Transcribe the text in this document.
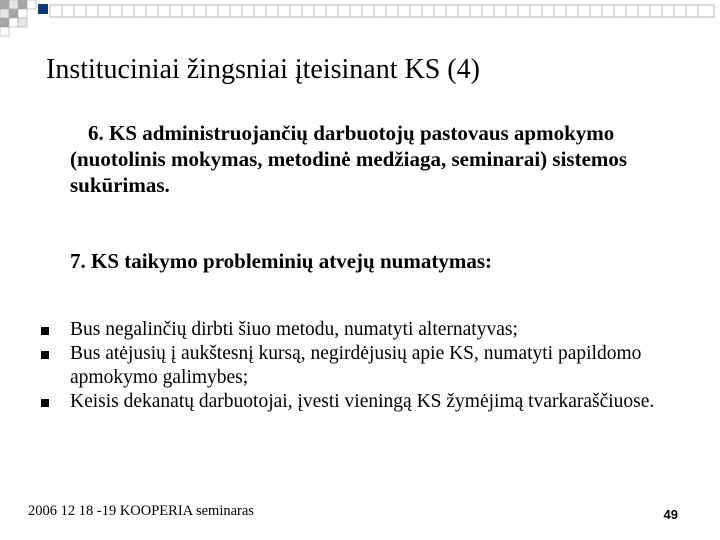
Instituciniai žingsniai įteisinant KS (4)
6. KS administruojančių darbuotojų pastovaus apmokymo (nuotolinis mokymas, metodinė medžiaga, seminarai) sistemos sukūrimas.
7. KS taikymo probleminių atvejų numatymas:
Bus negalinčių dirbti šiuo metodu, numatyti alternatyvas;
Bus atėjusių į aukštesnį kursą, negirdėjusių apie KS, numatyti papildomo apmokymo galimybes;
Keisis dekanatų darbuotojai, įvesti vieningą KS žymėjimą tvarkaraščiuose.
2006 12 18 -19 KOOPERIA seminaras	49
